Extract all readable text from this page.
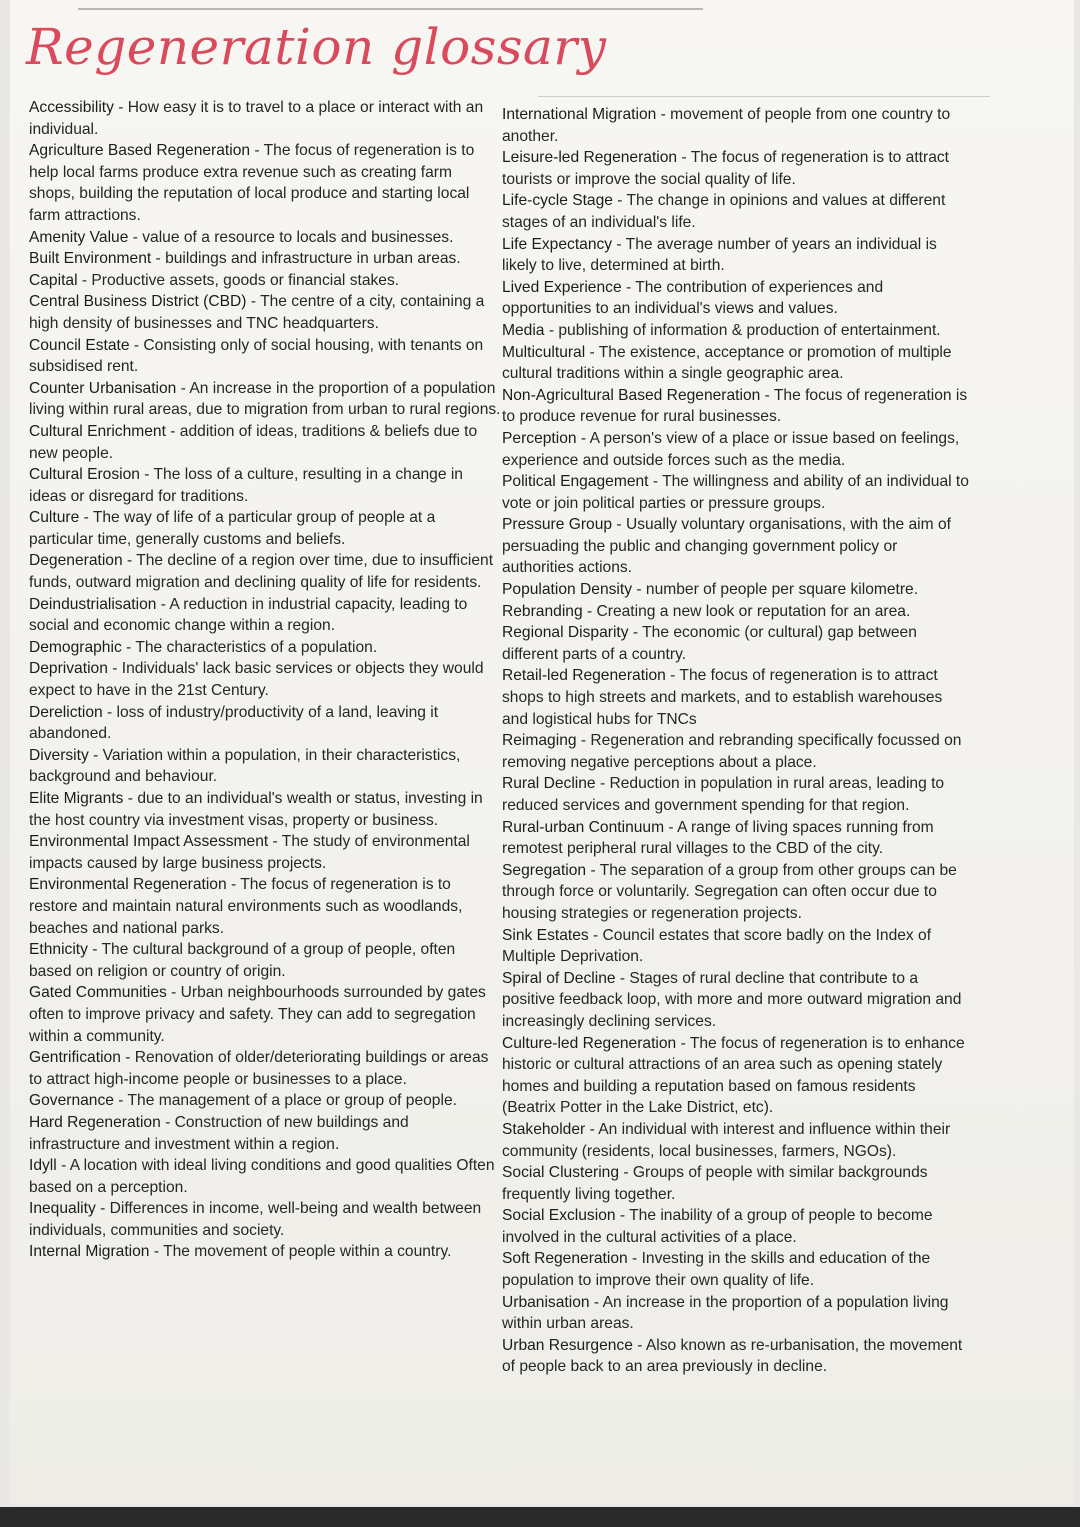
Regeneration glossary

Accessibility - How easy it is to travel to a place or interact with an individual.

Agriculture Based Regeneration - The focus of regeneration is to help local farms produce extra revenue such as creating farm shops, building the reputation of local produce and starting local farm attractions.

Amenity Value - value of a resource to locals and businesses.

Built Environment - buildings and infrastructure in urban areas.

Capital - Productive assets, goods or financial stakes.

Central Business District (CBD) - The centre of a city, containing a high density of businesses and TNC headquarters.

Council Estate - Consisting only of social housing, with tenants on subsidised rent.

Counter Urbanisation - An increase in the proportion of a population living within rural areas, due to migration from urban to rural regions.

Cultural Enrichment - addition of ideas, traditions & beliefs due to new people.

Cultural Erosion - The loss of a culture, resulting in a change in ideas or disregard for traditions.

Culture - The way of life of a particular group of people at a particular time, generally customs and beliefs.

Degeneration - The decline of a region over time, due to insufficient funds, outward migration and declining quality of life for residents.

Deindustrialisation - A reduction in industrial capacity, leading to social and economic change within a region.

Demographic - The characteristics of a population.

Deprivation - Individuals' lack basic services or objects they would expect to have in the 21st Century.

Dereliction - loss of industry/productivity of a land, leaving it abandoned.

Diversity - Variation within a population, in their characteristics, background and behaviour.

Elite Migrants - due to an individual's wealth or status, investing in the host country via investment visas, property or business.

Environmental Impact Assessment - The study of environmental impacts caused by large business projects.

Environmental Regeneration - The focus of regeneration is to restore and maintain natural environments such as woodlands, beaches and national parks.

Ethnicity - The cultural background of a group of people, often based on religion or country of origin.

Gated Communities - Urban neighbourhoods surrounded by gates often to improve privacy and safety. They can add to segregation within a community.

Gentrification - Renovation of older/deteriorating buildings or areas to attract high-income people or businesses to a place.

Governance - The management of a place or group of people.

Hard Regeneration - Construction of new buildings and infrastructure and investment within a region.

Idyll - A location with ideal living conditions and good qualities Often based on a perception.

Inequality - Differences in income, well-being and wealth between individuals, communities and society.

Internal Migration - The movement of people within a country.

International Migration - movement of people from one country to another.

Leisure-led Regeneration - The focus of regeneration is to attract tourists or improve the social quality of life.

Life-cycle Stage - The change in opinions and values at different stages of an individual's life.

Life Expectancy - The average number of years an individual is likely to live, determined at birth.

Lived Experience - The contribution of experiences and opportunities to an individual's views and values.

Media - publishing of information & production of entertainment.

Multicultural - The existence, acceptance or promotion of multiple cultural traditions within a single geographic area.

Non-Agricultural Based Regeneration - The focus of regeneration is to produce revenue for rural businesses.

Perception - A person's view of a place or issue based on feelings, experience and outside forces such as the media.

Political Engagement - The willingness and ability of an individual to vote or join political parties or pressure groups.

Pressure Group - Usually voluntary organisations, with the aim of persuading the public and changing government policy or authorities actions.

Population Density - number of people per square kilometre.

Rebranding - Creating a new look or reputation for an area.

Regional Disparity - The economic (or cultural) gap between different parts of a country.

Retail-led Regeneration - The focus of regeneration is to attract shops to high streets and markets, and to establish warehouses and logistical hubs for TNCs

Reimaging - Regeneration and rebranding specifically focussed on removing negative perceptions about a place.

Rural Decline - Reduction in population in rural areas, leading to reduced services and government spending for that region.

Rural-urban Continuum - A range of living spaces running from remotest peripheral rural villages to the CBD of the city.

Segregation - The separation of a group from other groups can be through force or voluntarily. Segregation can often occur due to housing strategies or regeneration projects.

Sink Estates - Council estates that score badly on the Index of Multiple Deprivation.

Spiral of Decline - Stages of rural decline that contribute to a positive feedback loop, with more and more outward migration and increasingly declining services.

Culture-led Regeneration - The focus of regeneration is to enhance historic or cultural attractions of an area such as opening stately homes and building a reputation based on famous residents (Beatrix Potter in the Lake District, etc).

Stakeholder - An individual with interest and influence within their community (residents, local businesses, farmers, NGOs).

Social Clustering - Groups of people with similar backgrounds frequently living together.

Social Exclusion - The inability of a group of people to become involved in the cultural activities of a place.

Soft Regeneration - Investing in the skills and education of the population to improve their own quality of life.

Urbanisation - An increase in the proportion of a population living within urban areas.

Urban Resurgence - Also known as re-urbanisation, the movement of people back to an area previously in decline.
